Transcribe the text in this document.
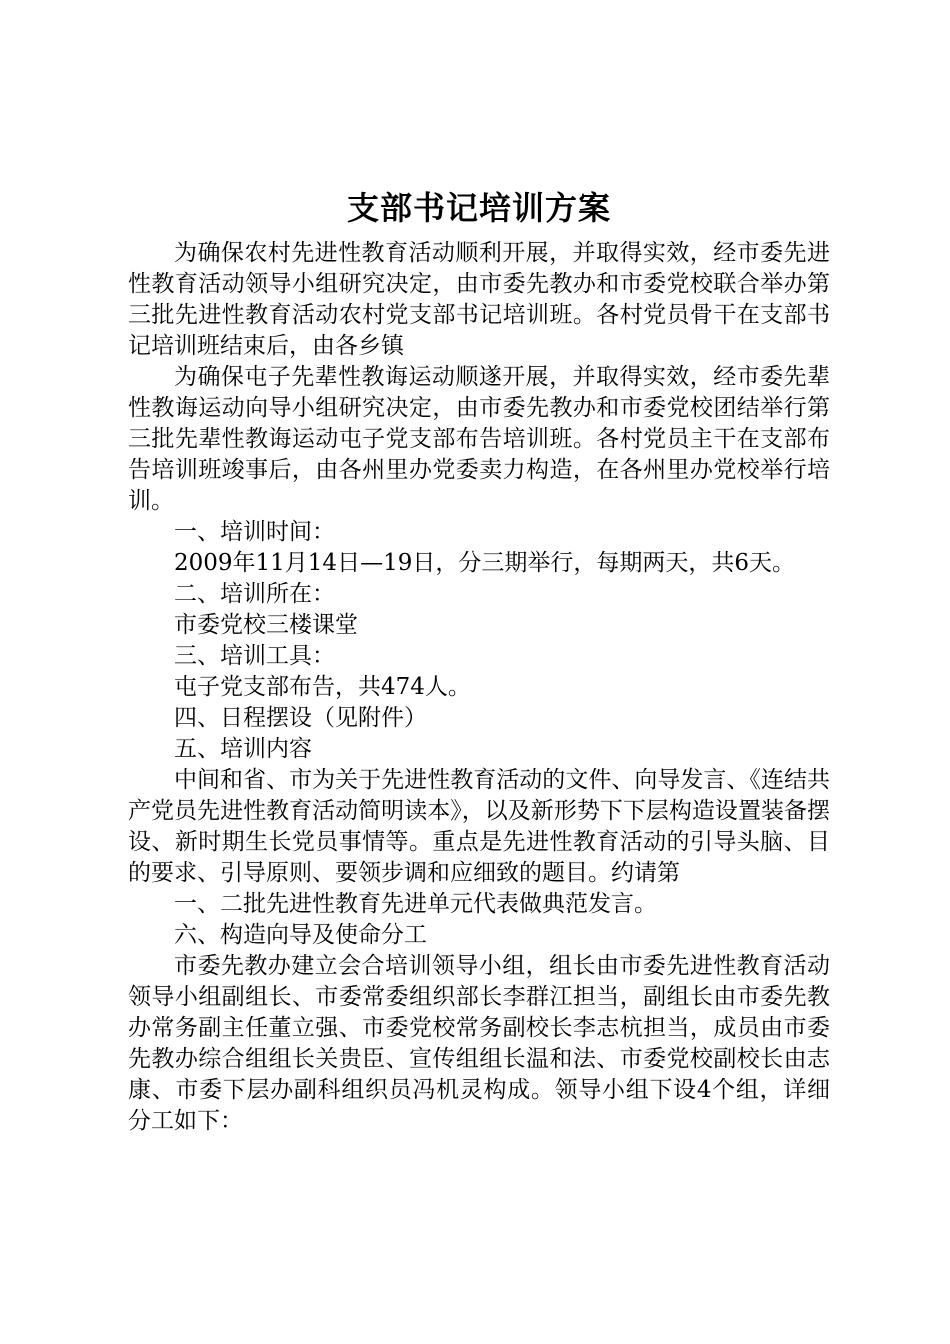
支部书记培训方案

为确保农村先进性教育活动顺利开展，并取得实效，经市委先进性教育活动领导小组研究决定，由市委先教办和市委党校联合举办第三批先进性教育活动农村党支部书记培训班。各村党员骨干在支部书记培训班结束后，由各乡镇

为确保屯子先辈性教诲运动顺遂开展，并取得实效，经市委先辈性教诲运动向导小组研究决定，由市委先教办和市委党校团结举行第三批先辈性教诲运动屯子党支部布告培训班。各村党员主干在支部布告培训班竣事后，由各州里办党委卖力构造，在各州里办党校举行培训。

一、培训时间：

2009年11月14日—19日，分三期举行，每期两天，共6天。

二、培训所在：

市委党校三楼课堂

三、培训工具：

屯子党支部布告，共474人。

四、日程摆设（见附件）

五、培训内容

中间和省、市为关于先进性教育活动的文件、向导发言、《连结共产党员先进性教育活动简明读本》，以及新形势下下层构造设置装备摆设、新时期生长党员事情等。重点是先进性教育活动的引导头脑、目的要求、引导原则、要领步调和应细致的题目。约请第

一、二批先进性教育先进单元代表做典范发言。

六、构造向导及使命分工

市委先教办建立会合培训领导小组，组长由市委先进性教育活动领导小组副组长、市委常委组织部长李群江担当，副组长由市委先教办常务副主任董立强、市委党校常务副校长李志杭担当，成员由市委先教办综合组组长关贵臣、宣传组组长温和法、市委党校副校长由志康、市委下层办副科组织员冯机灵构成。领导小组下设4个组，详细分工如下：
